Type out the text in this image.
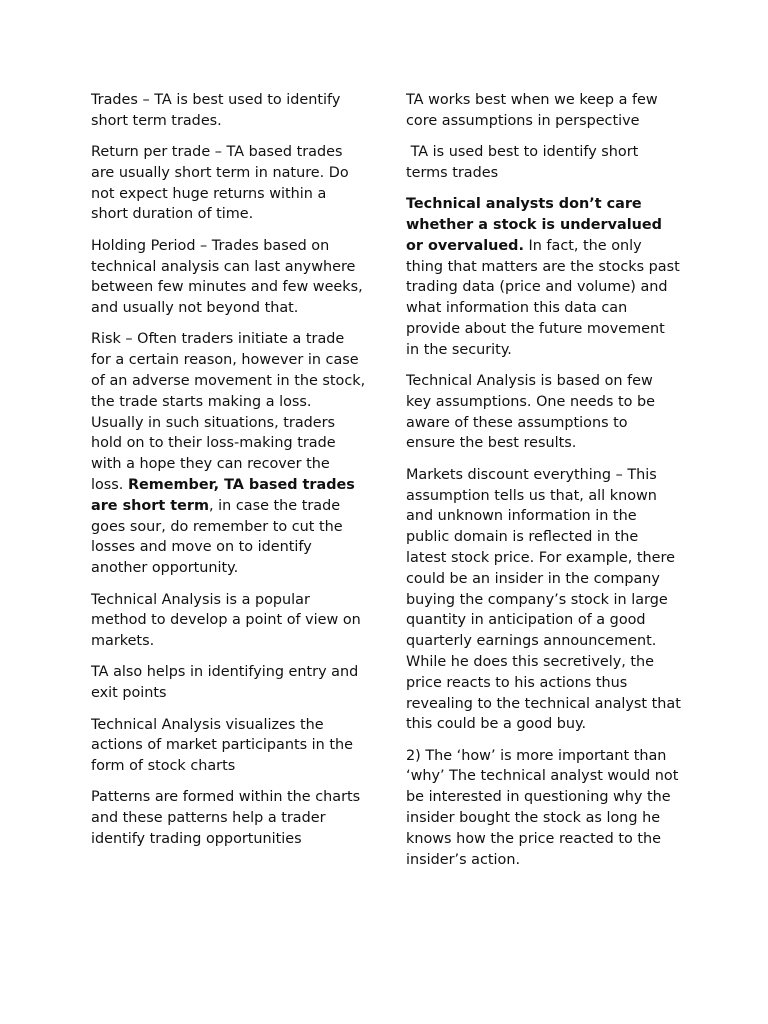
Trades – TA is best used to identify short term trades.

Return per trade – TA based trades are usually short term in nature. Do not expect huge returns within a short duration of time.

Holding Period – Trades based on technical analysis can last anywhere between few minutes and few weeks, and usually not beyond that.

Risk – Often traders initiate a trade for a certain reason, however in case of an adverse movement in the stock, the trade starts making a loss. Usually in such situations, traders hold on to their loss-making trade with a hope they can recover the loss. Remember, TA based trades are short term, in case the trade goes sour, do remember to cut the losses and move on to identify another opportunity.

Technical Analysis is a popular method to develop a point of view on markets.

TA also helps in identifying entry and exit points

Technical Analysis visualizes the actions of market participants in the form of stock charts

Patterns are formed within the charts and these patterns help a trader identify trading opportunities

TA works best when we keep a few core assumptions in perspective

TA is used best to identify short terms trades

Technical analysts don’t care whether a stock is undervalued or overvalued. In fact, the only thing that matters are the stocks past trading data (price and volume) and what information this data can provide about the future movement in the security.

Technical Analysis is based on few key assumptions. One needs to be aware of these assumptions to ensure the best results.

Markets discount everything – This assumption tells us that, all known and unknown information in the public domain is reflected in the latest stock price. For example, there could be an insider in the company buying the company’s stock in large quantity in anticipation of a good quarterly earnings announcement. While he does this secretively, the price reacts to his actions thus revealing to the technical analyst that this could be a good buy.

2) The ‘how’ is more important than ‘why’ The technical analyst would not be interested in questioning why the insider bought the stock as long he knows how the price reacted to the insider’s action.
